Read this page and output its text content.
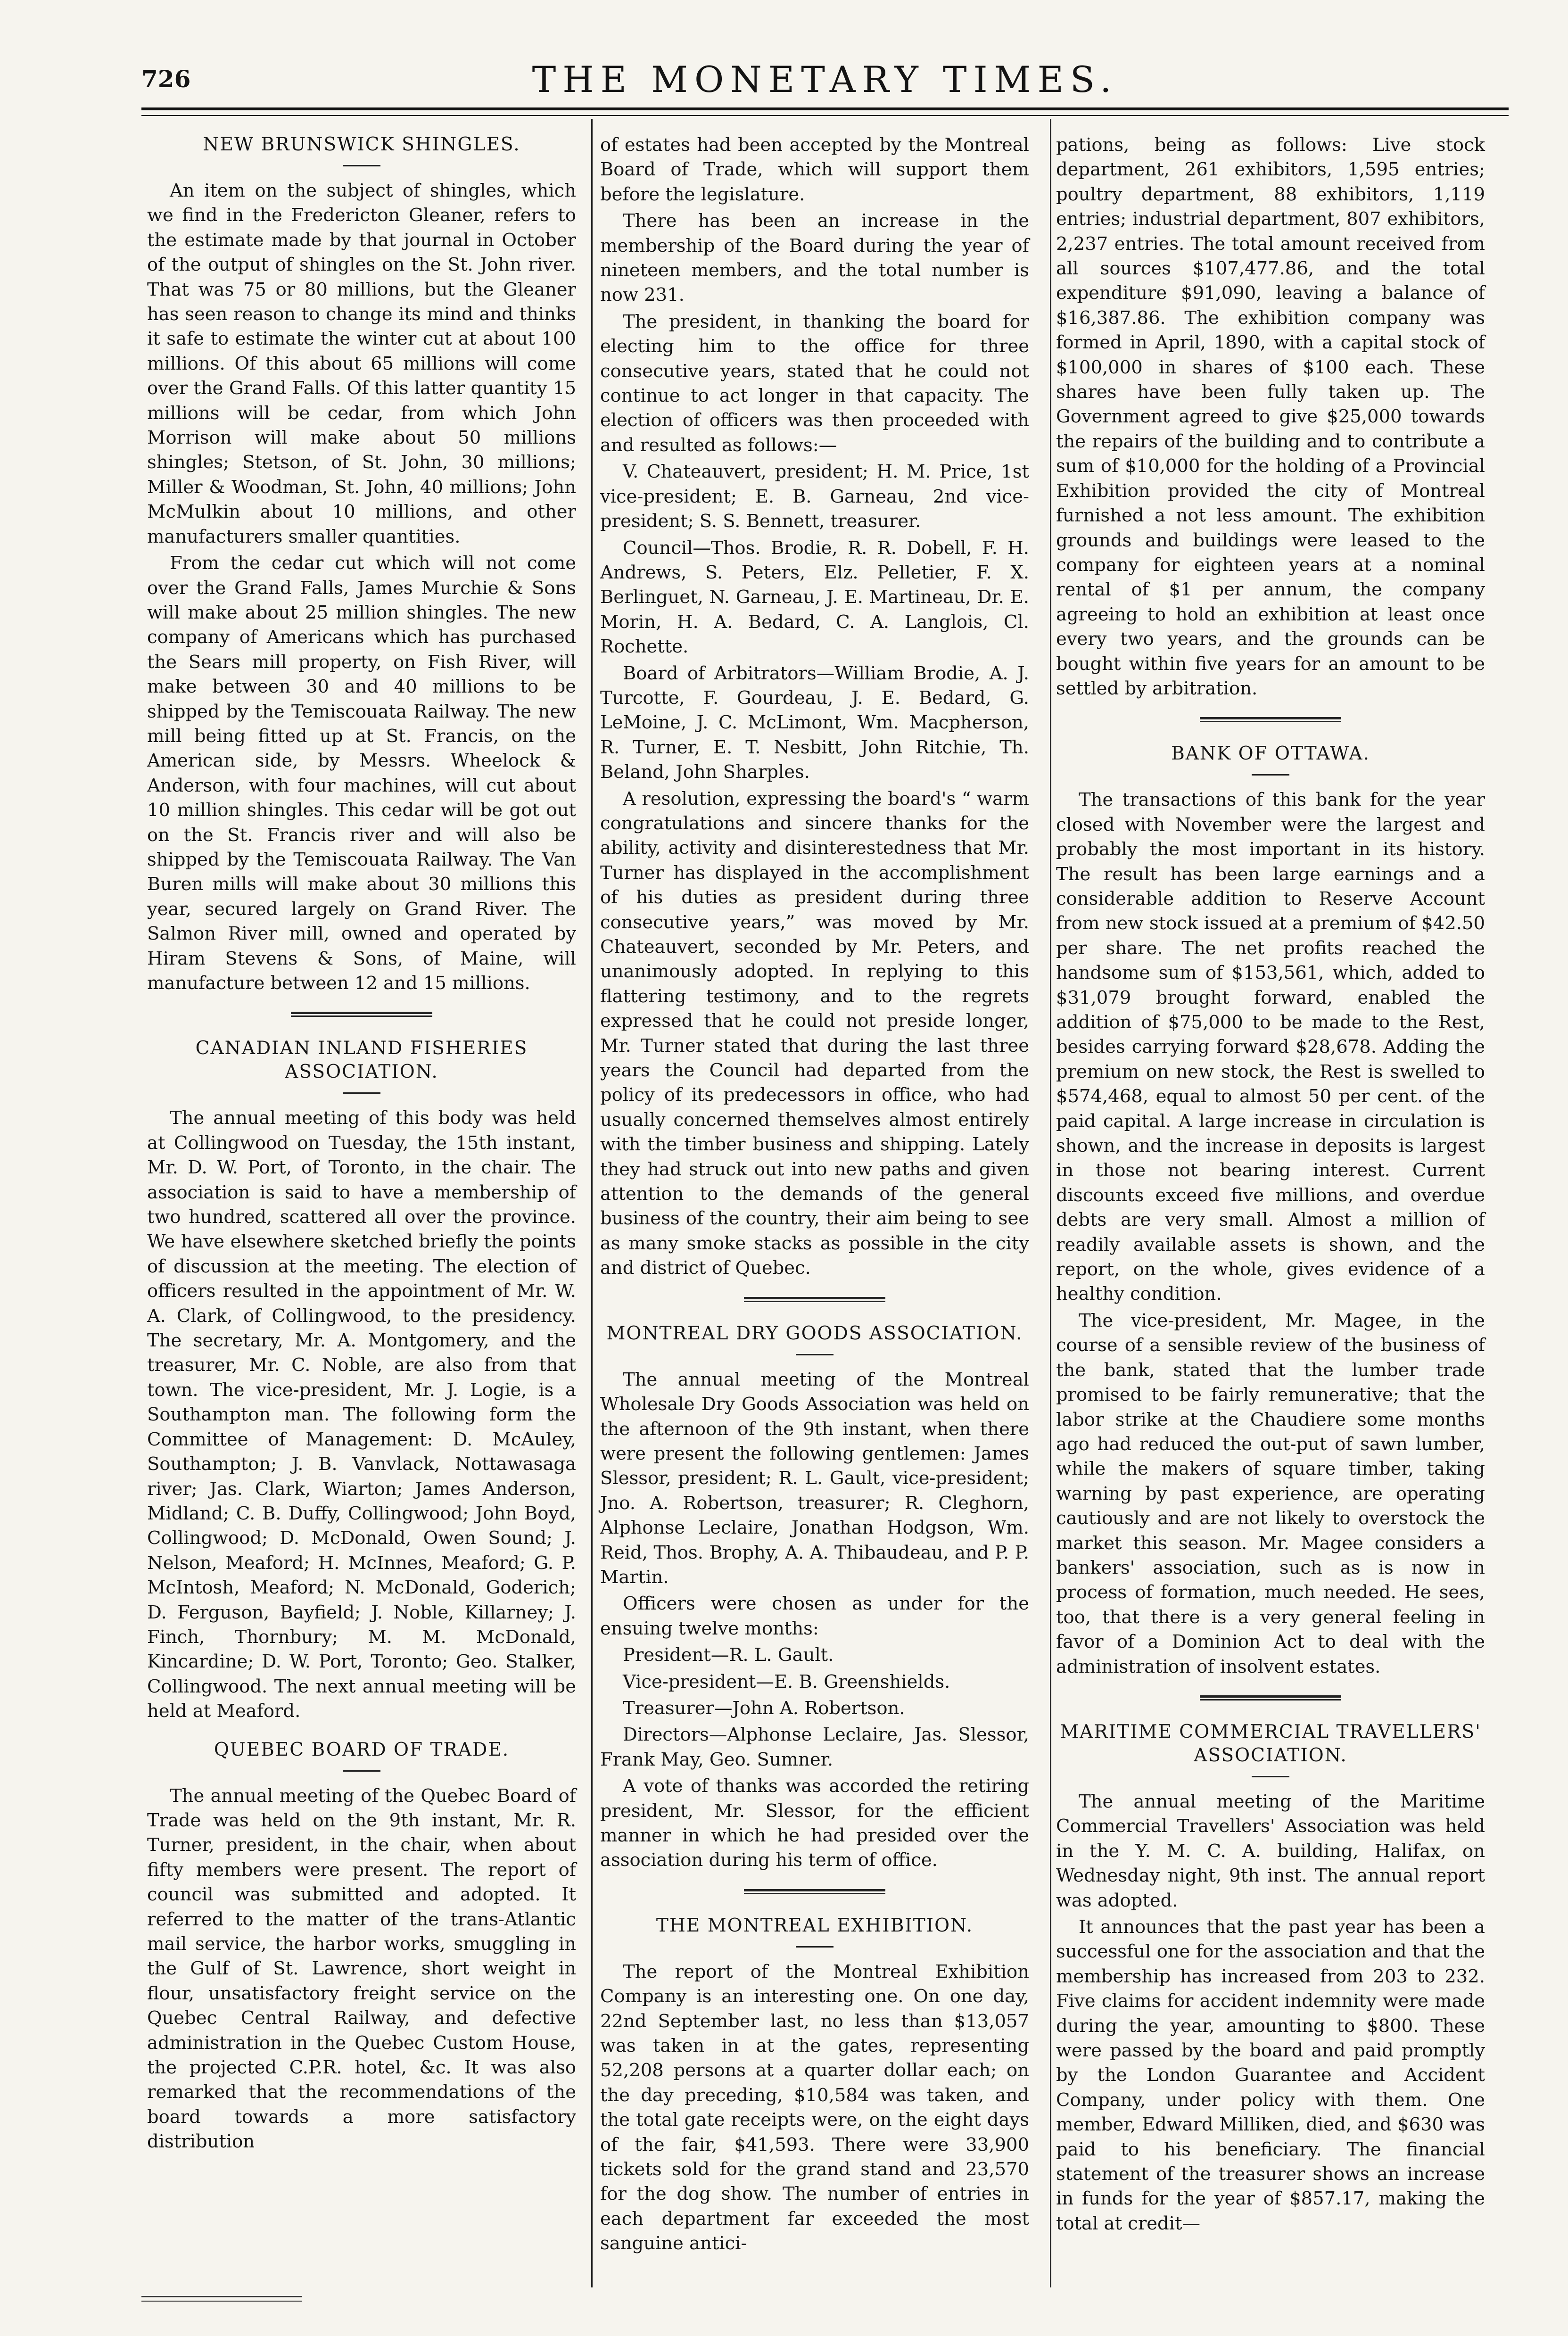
726	THE MONETARY TIMES.
NEW BRUNSWICK SHINGLES.

An item on the subject of shingles, which we find in the Fredericton Gleaner, refers to the estimate made by that journal in October of the output of shingles on the St. John river. That was 75 or 80 millions, but the Gleaner has seen reason to change its mind and thinks it safe to estimate the winter cut at about 100 millions. Of this about 65 millions will come over the Grand Falls. Of this latter quantity 15 millions will be cedar, from which John Morrison will make about 50 millions shingles; Stetson, of St. John, 30 millions; Miller & Woodman, St. John, 40 millions; John McMulkin about 10 millions, and other manufacturers smaller quantities.

From the cedar cut which will not come over the Grand Falls, James Murchie & Sons will make about 25 million shingles. The new company of Americans which has purchased the Sears mill property, on Fish River, will make between 30 and 40 millions to be shipped by the Temiscouata Railway. The new mill being fitted up at St. Francis, on the American side, by Messrs. Wheelock & Anderson, with four machines, will cut about 10 million shingles. This cedar will be got out on the St. Francis river and will also be shipped by the Temiscouata Railway. The Van Buren mills will make about 30 millions this year, secured largely on Grand River. The Salmon River mill, owned and operated by Hiram Stevens & Sons, of Maine, will manufacture between 12 and 15 millions.

CANADIAN INLAND FISHERIES ASSOCIATION.

The annual meeting of this body was held at Collingwood on Tuesday, the 15th instant, Mr. D. W. Port, of Toronto, in the chair. The association is said to have a membership of two hundred, scattered all over the province. We have elsewhere sketched briefly the points of discussion at the meeting. The election of officers resulted in the appointment of Mr. W. A. Clark, of Collingwood, to the presidency. The secretary, Mr. A. Montgomery, and the treasurer, Mr. C. Noble, are also from that town. The vice-president, Mr. J. Logie, is a Southampton man. The following form the Committee of Management: D. McAuley, Southampton; J. B. Vanvlack, Nottawasaga river; Jas. Clark, Wiarton; James Anderson, Midland; C. B. Duffy, Collingwood; John Boyd, Collingwood; D. McDonald, Owen Sound; J. Nelson, Meaford; H. McInnes, Meaford; G. P. McIntosh, Meaford; N. McDonald, Goderich; D. Ferguson, Bayfield; J. Noble, Killarney; J. Finch, Thornbury; M. M. McDonald, Kincardine; D. W. Port, Toronto; Geo. Stalker, Collingwood. The next annual meeting will be held at Meaford.

QUEBEC BOARD OF TRADE.

The annual meeting of the Quebec Board of Trade was held on the 9th instant, Mr. R. Turner, president, in the chair, when about fifty members were present. The report of council was submitted and adopted. It referred to the matter of the trans-Atlantic mail service, the harbor works, smuggling in the Gulf of St. Lawrence, short weight in flour, unsatisfactory freight service on the Quebec Central Railway, and defective administration in the Quebec Custom House, the projected C.P.R. hotel, &c. It was also remarked that the recommendations of the board towards a more satisfactory distribution

of estates had been accepted by the Montreal Board of Trade, which will support them before the legislature.

There has been an increase in the membership of the Board during the year of nineteen members, and the total number is now 231.

The president, in thanking the board for electing him to the office for three consecutive years, stated that he could not continue to act longer in that capacity. The election of officers was then proceeded with and resulted as follows:—

V. Chateauvert, president; H. M. Price, 1st vice-president; E. B. Garneau, 2nd vice-president; S. S. Bennett, treasurer.

Council—Thos. Brodie, R. R. Dobell, F. H. Andrews, S. Peters, Elz. Pelletier, F. X. Berlinguet, N. Garneau, J. E. Martineau, Dr. E. Morin, H. A. Bedard, C. A. Langlois, Cl. Rochette.

Board of Arbitrators—William Brodie, A. J. Turcotte, F. Gourdeau, J. E. Bedard, G. LeMoine, J. C. McLimont, Wm. Macpherson, R. Turner, E. T. Nesbitt, John Ritchie, Th. Beland, John Sharples.

A resolution, expressing the board's “ warm congratulations and sincere thanks for the ability, activity and disinterestedness that Mr. Turner has displayed in the accomplishment of his duties as president during three consecutive years,” was moved by Mr. Chateauvert, seconded by Mr. Peters, and unanimously adopted. In replying to this flattering testimony, and to the regrets expressed that he could not preside longer, Mr. Turner stated that during the last three years the Council had departed from the policy of its predecessors in office, who had usually concerned themselves almost entirely with the timber business and shipping. Lately they had struck out into new paths and given attention to the demands of the general business of the country, their aim being to see as many smoke stacks as possible in the city and district of Quebec.

MONTREAL DRY GOODS ASSOCIATION.

The annual meeting of the Montreal Wholesale Dry Goods Association was held on the afternoon of the 9th instant, when there were present the following gentlemen: James Slessor, president; R. L. Gault, vice-president; Jno. A. Robertson, treasurer; R. Cleghorn, Alphonse Leclaire, Jonathan Hodgson, Wm. Reid, Thos. Brophy, A. A. Thibaudeau, and P. P. Martin.

Officers were chosen as under for the ensuing twelve months:

President—R. L. Gault.

Vice-president—E. B. Greenshields.

Treasurer—John A. Robertson.

Directors—Alphonse Leclaire, Jas. Slessor, Frank May, Geo. Sumner.

A vote of thanks was accorded the retiring president, Mr. Slessor, for the efficient manner in which he had presided over the association during his term of office.

THE MONTREAL EXHIBITION.

The report of the Montreal Exhibition Company is an interesting one. On one day, 22nd September last, no less than $13,057 was taken in at the gates, representing 52,208 persons at a quarter dollar each; on the day preceding, $10,584 was taken, and the total gate receipts were, on the eight days of the fair, $41,593. There were 33,900 tickets sold for the grand stand and 23,570 for the dog show. The number of entries in each department far exceeded the most sanguine antici-

pations, being as follows: Live stock department, 261 exhibitors, 1,595 entries; poultry department, 88 exhibitors, 1,119 entries; industrial department, 807 exhibitors, 2,237 entries. The total amount received from all sources $107,477.86, and the total expenditure $91,090, leaving a balance of $16,387.86. The exhibition company was formed in April, 1890, with a capital stock of $100,000 in shares of $100 each. These shares have been fully taken up. The Government agreed to give $25,000 towards the repairs of the building and to contribute a sum of $10,000 for the holding of a Provincial Exhibition provided the city of Montreal furnished a not less amount. The exhibition grounds and buildings were leased to the company for eighteen years at a nominal rental of $1 per annum, the company agreeing to hold an exhibition at least once every two years, and the grounds can be bought within five years for an amount to be settled by arbitration.

BANK OF OTTAWA.

The transactions of this bank for the year closed with November were the largest and probably the most important in its history. The result has been large earnings and a considerable addition to Reserve Account from new stock issued at a premium of $42.50 per share. The net profits reached the handsome sum of $153,561, which, added to $31,079 brought forward, enabled the addition of $75,000 to be made to the Rest, besides carrying forward $28,678. Adding the premium on new stock, the Rest is swelled to $574,468, equal to almost 50 per cent. of the paid capital. A large increase in circulation is shown, and the increase in deposits is largest in those not bearing interest. Current discounts exceed five millions, and overdue debts are very small. Almost a million of readily available assets is shown, and the report, on the whole, gives evidence of a healthy condition.

The vice-president, Mr. Magee, in the course of a sensible review of the business of the bank, stated that the lumber trade promised to be fairly remunerative; that the labor strike at the Chaudiere some months ago had reduced the out-put of sawn lumber, while the makers of square timber, taking warning by past experience, are operating cautiously and are not likely to overstock the market this season. Mr. Magee considers a bankers' association, such as is now in process of formation, much needed. He sees, too, that there is a very general feeling in favor of a Dominion Act to deal with the administration of insolvent estates.

MARITIME COMMERCIAL TRAVELLERS' ASSOCIATION.

The annual meeting of the Maritime Commercial Travellers' Association was held in the Y. M. C. A. building, Halifax, on Wednesday night, 9th inst. The annual report was adopted.

It announces that the past year has been a successful one for the association and that the membership has increased from 203 to 232. Five claims for accident indemnity were made during the year, amounting to $800. These were passed by the board and paid promptly by the London Guarantee and Accident Company, under policy with them. One member, Edward Milliken, died, and $630 was paid to his beneficiary. The financial statement of the treasurer shows an increase in funds for the year of $857.17, making the total at credit—
